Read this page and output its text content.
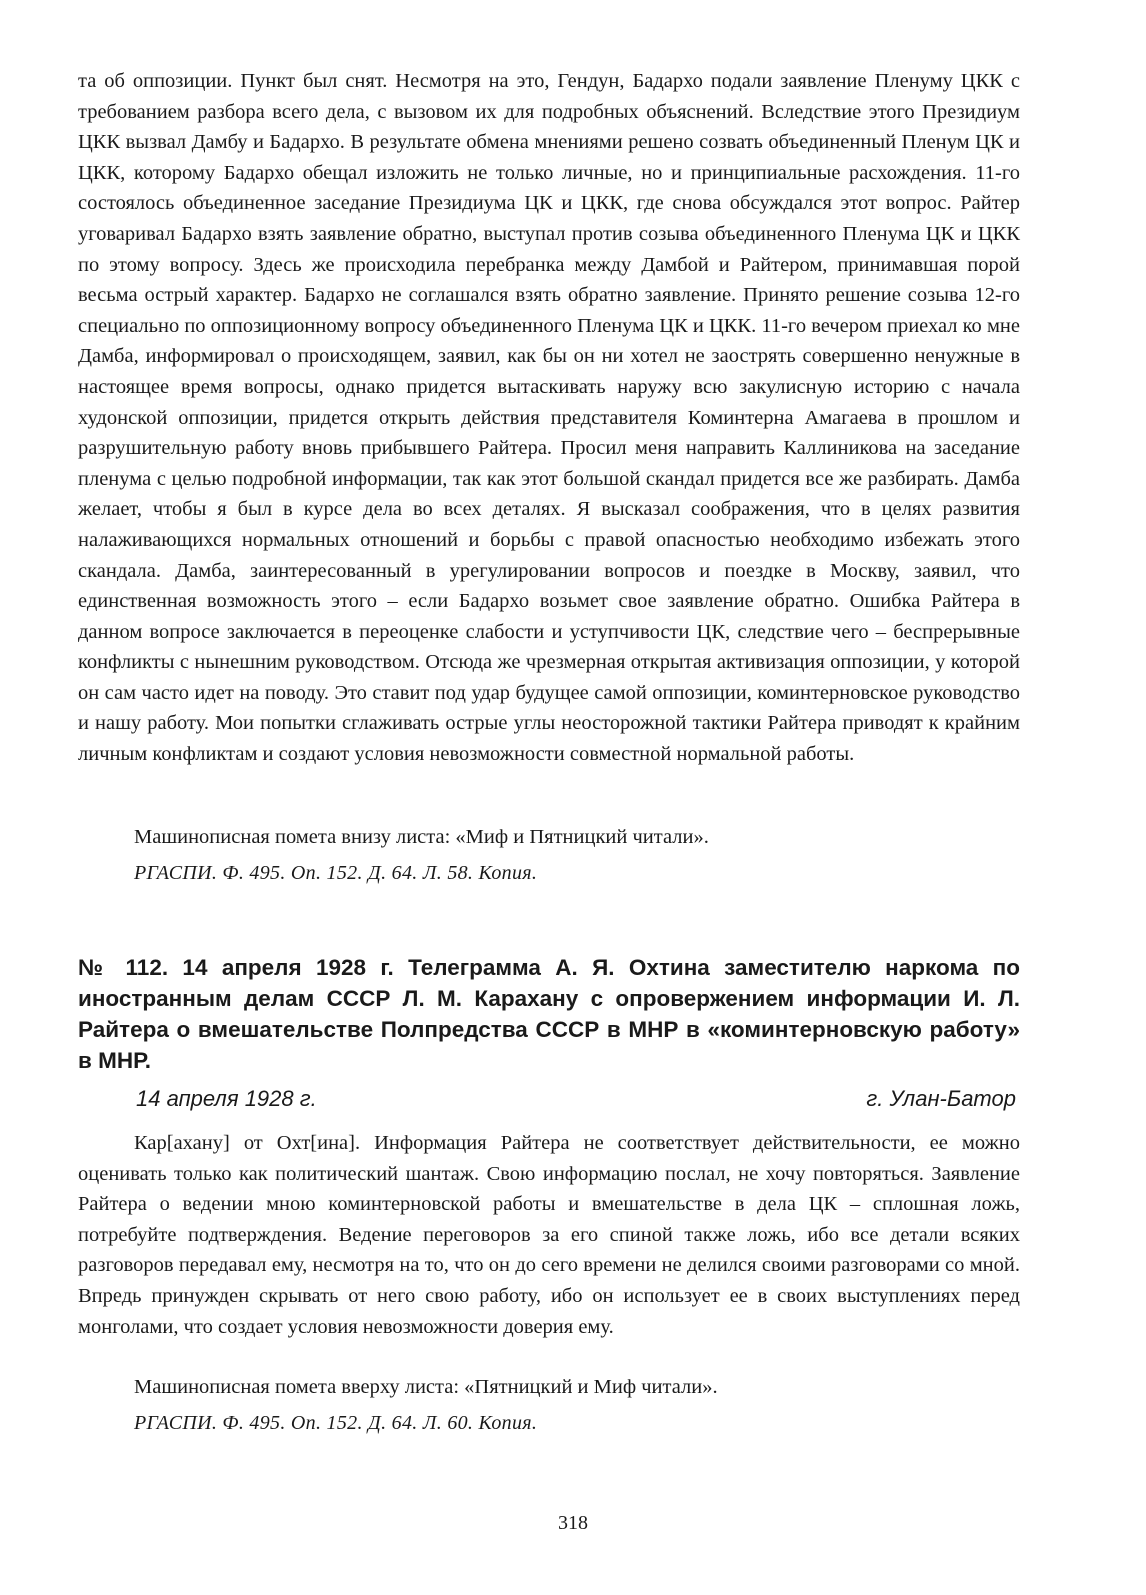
та об оппозиции. Пункт был снят. Несмотря на это, Гендун, Бадархо подали заявление Пленуму ЦКК с требованием разбора всего дела, с вызовом их для подробных объяснений. Вследствие этого Президиум ЦКК вызвал Дамбу и Бадархо. В результате обмена мнениями решено созвать объединенный Пленум ЦК и ЦКК, которому Бадархо обещал изложить не только личные, но и принципиальные расхождения. 11-го состоялось объединенное заседание Президиума ЦК и ЦКК, где снова обсуждался этот вопрос. Райтер уговаривал Бадархо взять заявление обратно, выступал против созыва объединенного Пленума ЦК и ЦКК по этому вопросу. Здесь же происходила перебранка между Дамбой и Райтером, принимавшая порой весьма острый характер. Бадархо не соглашался взять обратно заявление. Принято решение созыва 12-го специально по оппозиционному вопросу объединенного Пленума ЦК и ЦКК. 11-го вечером приехал ко мне Дамба, информировал о происходящем, заявил, как бы он ни хотел не заострять совершенно ненужные в настоящее время вопросы, однако придется вытаскивать наружу всю закулисную историю с начала худонской оппозиции, придется открыть действия представителя Коминтерна Амагаева в прошлом и разрушительную работу вновь прибывшего Райтера. Просил меня направить Каллиникова на заседание пленума с целью подробной информации, так как этот большой скандал придется все же разбирать. Дамба желает, чтобы я был в курсе дела во всех деталях. Я высказал соображения, что в целях развития налаживающихся нормальных отношений и борьбы с правой опасностью необходимо избежать этого скандала. Дамба, заинтересованный в урегулировании вопросов и поездке в Москву, заявил, что единственная возможность этого – если Бадархо возьмет свое заявление обратно. Ошибка Райтера в данном вопросе заключается в переоценке слабости и уступчивости ЦК, следствие чего – беспрерывные конфликты с нынешним руководством. Отсюда же чрезмерная открытая активизация оппозиции, у которой он сам часто идет на поводу. Это ставит под удар будущее самой оппозиции, коминтерновское руководство и нашу работу. Мои попытки сглаживать острые углы неосторожной тактики Райтера приводят к крайним личным конфликтам и создают условия невозможности совместной нормальной работы.

Машинописная помета внизу листа: «Миф и Пятницкий читали».

РГАСПИ. Ф. 495. Оп. 152. Д. 64. Л. 58. Копия.

№ 112. 14 апреля 1928 г. Телеграмма А. Я. Охтина заместителю наркома по иностранным делам СССР Л. М. Карахану с опровержением информации И. Л. Райтера о вмешательстве Полпредства СССР в МНР в «коминтерновскую работу» в МНР.

14 апреля 1928 г.	г. Улан-Батор

Кар[ахану] от Охт[ина]. Информация Райтера не соответствует действительности, ее можно оценивать только как политический шантаж. Свою информацию послал, не хочу повторяться. Заявление Райтера о ведении мною коминтерновской работы и вмешательстве в дела ЦК – сплошная ложь, потребуйте подтверждения. Ведение переговоров за его спиной также ложь, ибо все детали всяких разговоров передавал ему, несмотря на то, что он до сего времени не делился своими разговорами со мной. Впредь принужден скрывать от него свою работу, ибо он использует ее в своих выступлениях перед монголами, что создает условия невозможности доверия ему.

Машинописная помета вверху листа: «Пятницкий и Миф читали».

РГАСПИ. Ф. 495. Оп. 152. Д. 64. Л. 60. Копия.

318
